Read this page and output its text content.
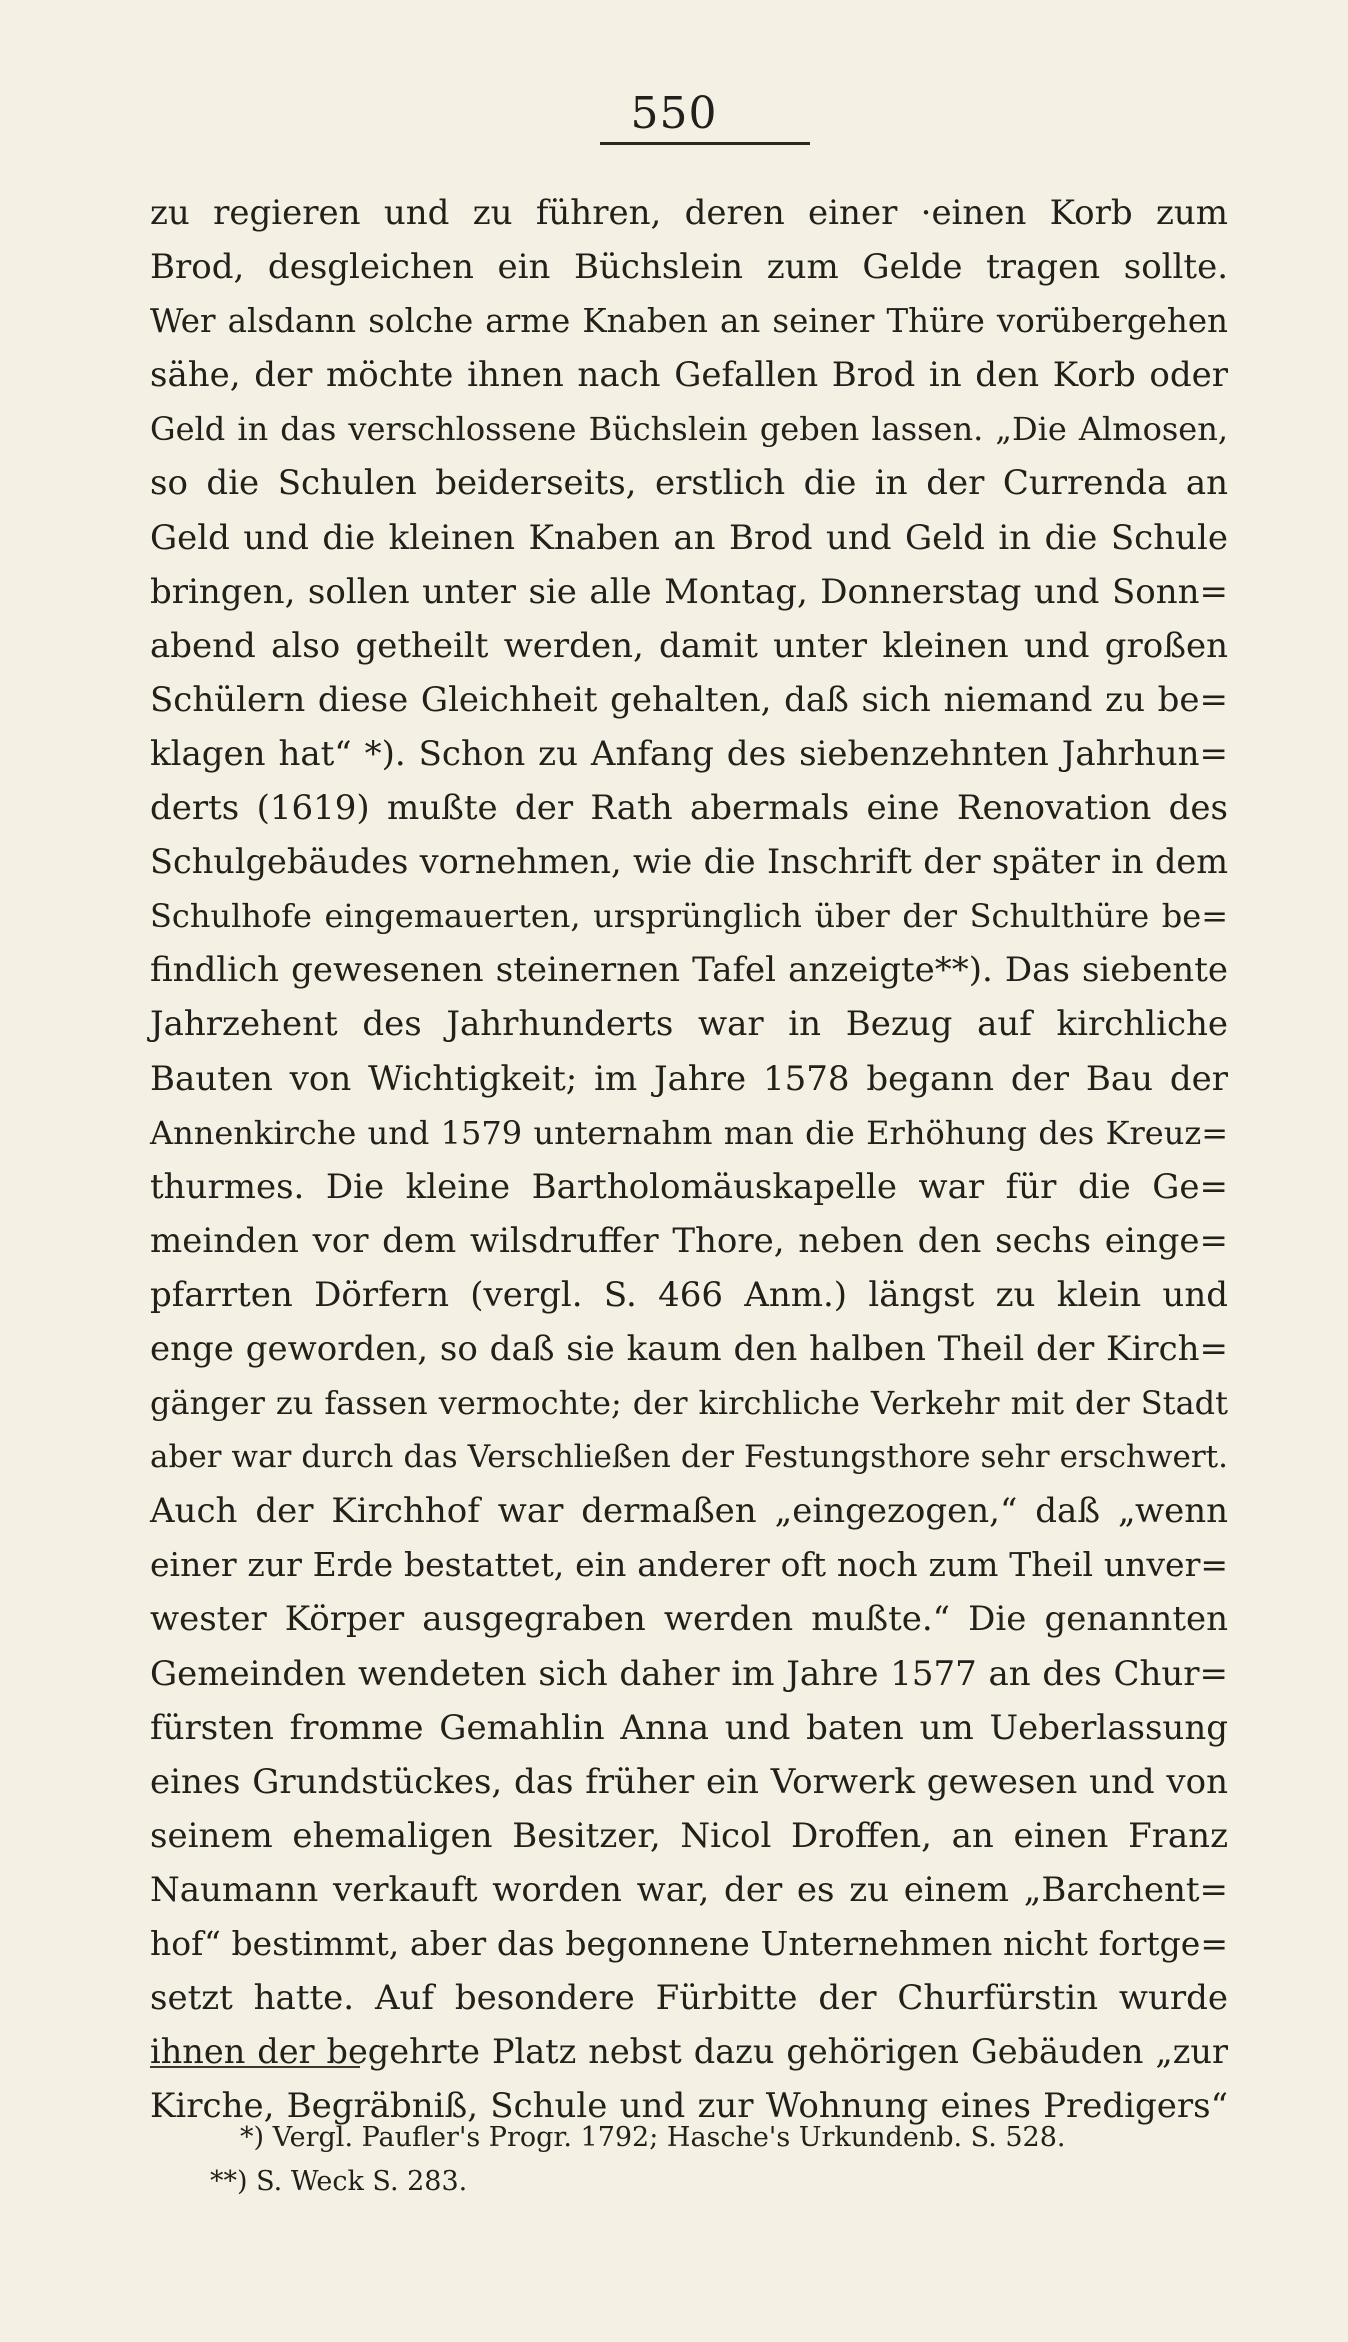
550
zu regieren und zu führen, deren einer ·einen Korb zum
Brod, desgleichen ein Büchslein zum Gelde tragen sollte.
Wer alsdann solche arme Knaben an seiner Thüre vorübergehen
sähe, der möchte ihnen nach Gefallen Brod in den Korb oder
Geld in das verschlossene Büchslein geben lassen. „Die Almosen,
so die Schulen beiderseits, erstlich die in der Currenda an
Geld und die kleinen Knaben an Brod und Geld in die Schule
bringen, sollen unter sie alle Montag, Donnerstag und Sonn=
abend also getheilt werden, damit unter kleinen und großen
Schülern diese Gleichheit gehalten, daß sich niemand zu be=
klagen hat“ *). Schon zu Anfang des siebenzehnten Jahrhun=
derts (1619) mußte der Rath abermals eine Renovation des
Schulgebäudes vornehmen, wie die Inschrift der später in dem
Schulhofe eingemauerten, ursprünglich über der Schulthüre be=
findlich gewesenen steinernen Tafel anzeigte**). Das siebente
Jahrzehent des Jahrhunderts war in Bezug auf kirchliche
Bauten von Wichtigkeit; im Jahre 1578 begann der Bau der
Annenkirche und 1579 unternahm man die Erhöhung des Kreuz=
thurmes. Die kleine Bartholomäuskapelle war für die Ge=
meinden vor dem wilsdruffer Thore, neben den sechs einge=
pfarrten Dörfern (vergl. S. 466 Anm.) längst zu klein und
enge geworden, so daß sie kaum den halben Theil der Kirch=
gänger zu fassen vermochte; der kirchliche Verkehr mit der Stadt
aber war durch das Verschließen der Festungsthore sehr erschwert.
Auch der Kirchhof war dermaßen „eingezogen,“ daß „wenn
einer zur Erde bestattet, ein anderer oft noch zum Theil unver=
wester Körper ausgegraben werden mußte.“ Die genannten
Gemeinden wendeten sich daher im Jahre 1577 an des Chur=
fürsten fromme Gemahlin Anna und baten um Ueberlassung
eines Grundstückes, das früher ein Vorwerk gewesen und von
seinem ehemaligen Besitzer, Nicol Droffen, an einen Franz
Naumann verkauft worden war, der es zu einem „Barchent=
hof“ bestimmt, aber das begonnene Unternehmen nicht fortge=
setzt hatte. Auf besondere Fürbitte der Churfürstin wurde
ihnen der begehrte Platz nebst dazu gehörigen Gebäuden „zur
Kirche, Begräbniß, Schule und zur Wohnung eines Predigers“
*) Vergl. Paufler's Progr. 1792; Hasche's Urkundenb. S. 528.
**) S. Weck S. 283.
